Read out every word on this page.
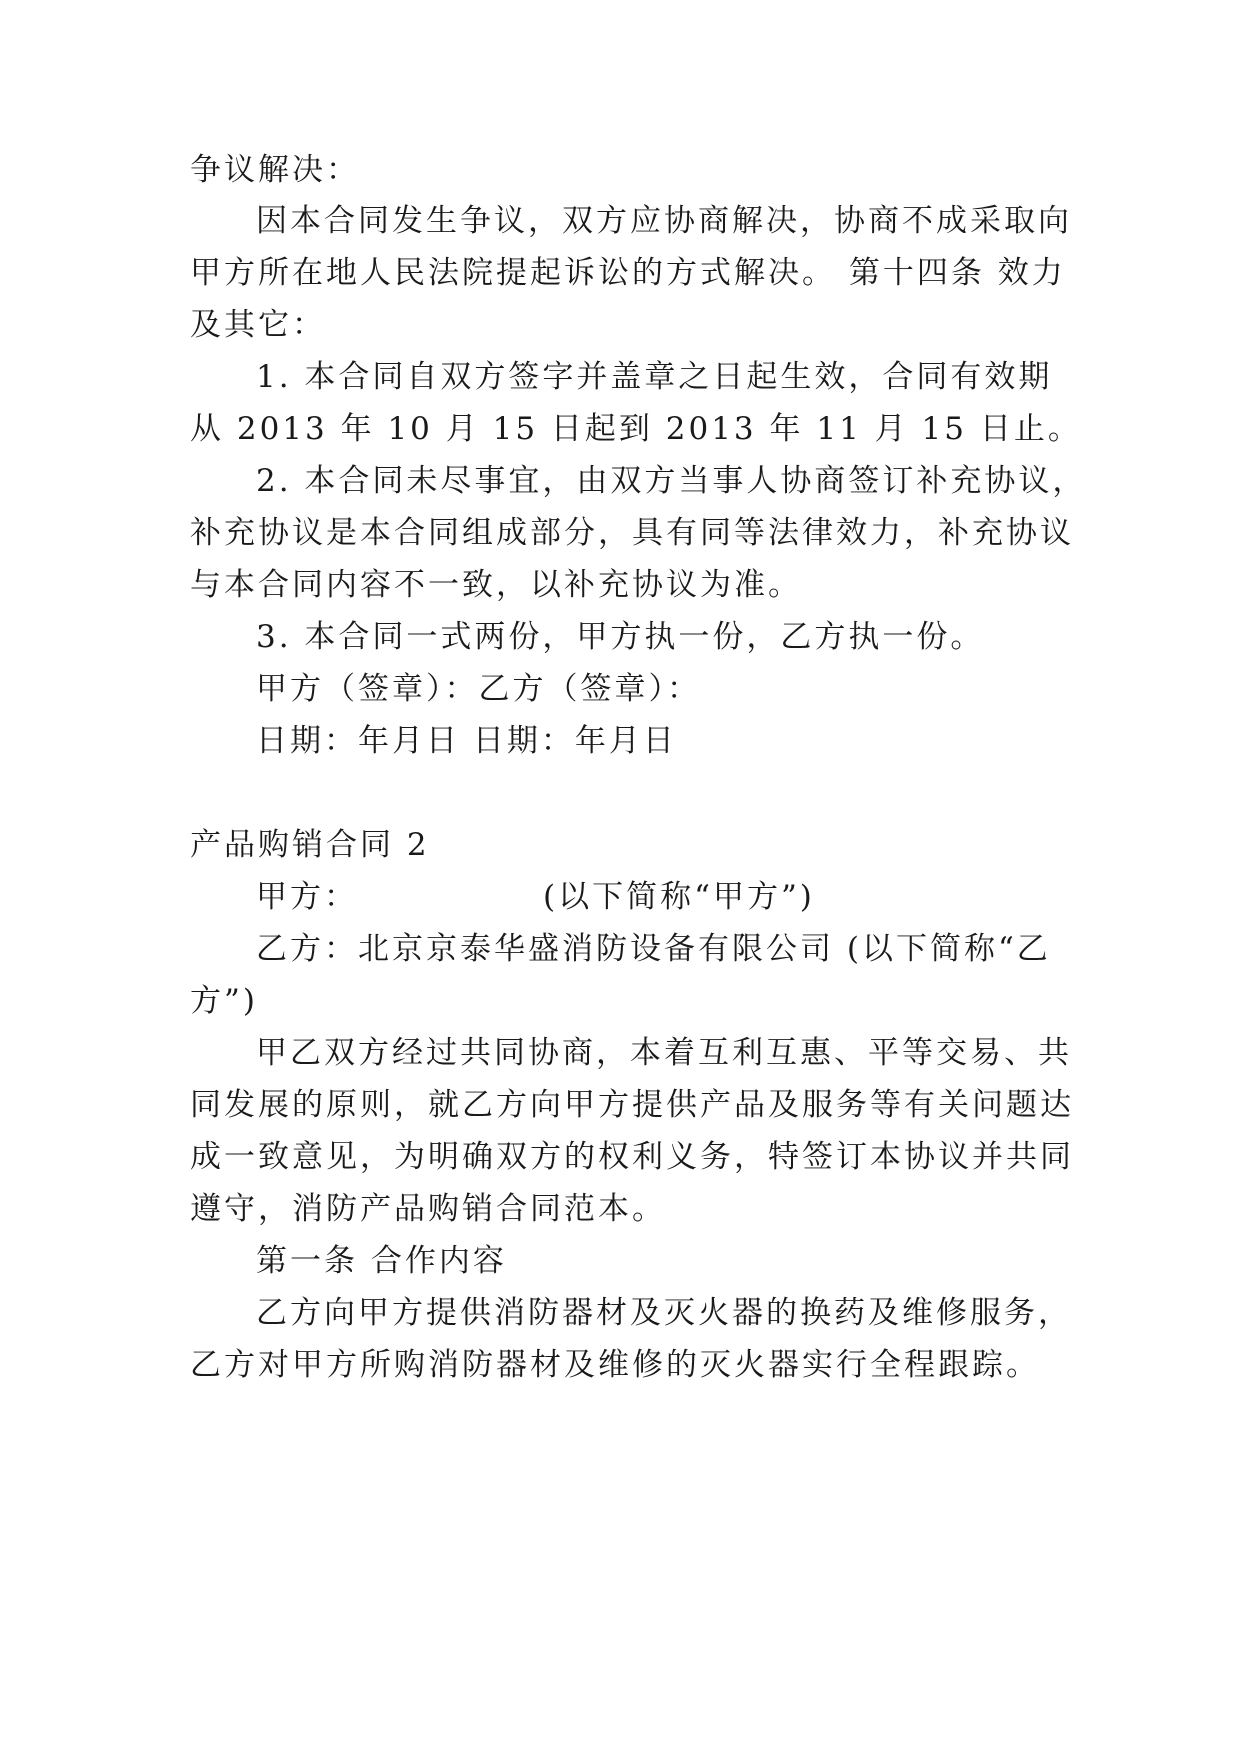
争议解决：
因本合同发生争议，双方应协商解决，协商不成采取向
甲方所在地人民法院提起诉讼的方式解决。 第十四条 效力
及其它：
1. 本合同自双方签字并盖章之日起生效，合同有效期
从 2013 年 10 月 15 日起到 2013 年 11 月 15 日止。
2. 本合同未尽事宜，由双方当事人协商签订补充协议，
补充协议是本合同组成部分，具有同等法律效力，补充协议
与本合同内容不一致，以补充协议为准。
3. 本合同一式两份，甲方执一份，乙方执一份。
甲方（签章）：乙方（签章）：
日期：年月日 日期：年月日
产品购销合同 2
甲方：	(以下简称“甲方”)
乙方：北京京泰华盛消防设备有限公司 (以下简称“乙
方”)
甲乙双方经过共同协商，本着互利互惠、平等交易、共
同发展的原则，就乙方向甲方提供产品及服务等有关问题达
成一致意见，为明确双方的权利义务，特签订本协议并共同
遵守，消防产品购销合同范本。
第一条 合作内容
乙方向甲方提供消防器材及灭火器的换药及维修服务，
乙方对甲方所购消防器材及维修的灭火器实行全程跟踪。
